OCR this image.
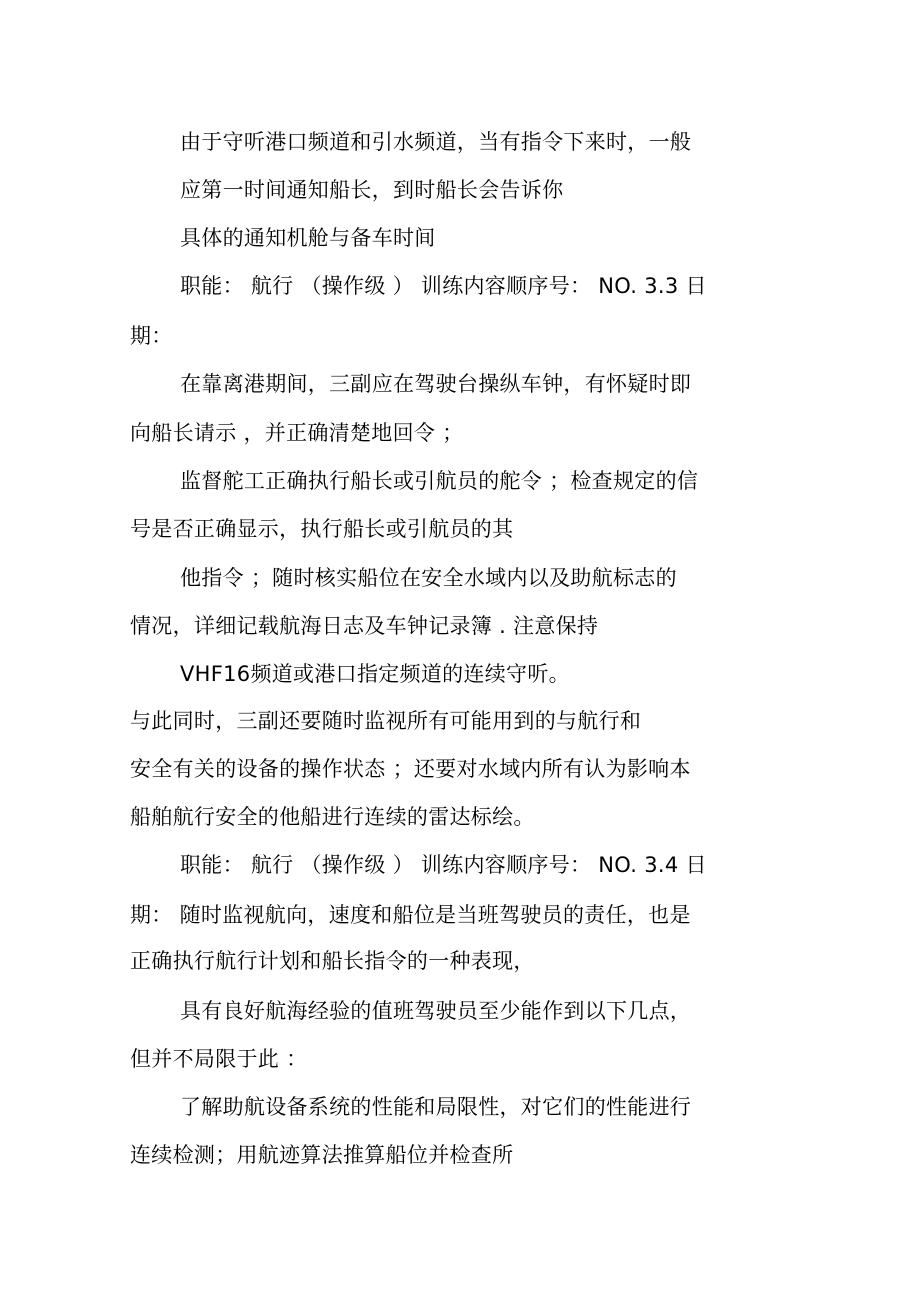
由于守听港口频道和引水频道，当有指令下来时，一般
应第一时间通知船长，到时船长会告诉你
具体的通知机舱与备车时间
职能： 航行 （操作级 ） 训练内容顺序号： NO. 3.3 日
期：
在靠离港期间，三副应在驾驶台操纵车钟，有怀疑时即
向船长请示 ，并正确清楚地回令 ；
监督舵工正确执行船长或引航员的舵令 ；检查规定的信
号是否正确显示，执行船长或引航员的其
他指令 ；随时核实船位在安全水域内以及助航标志的
情况，详细记载航海日志及车钟记录簿 . 注意保持
VHF16频道或港口指定频道的连续守听。
与此同时，三副还要随时监视所有可能用到的与航行和
安全有关的设备的操作状态 ；还要对水域内所有认为影响本
船舶航行安全的他船进行连续的雷达标绘。
职能： 航行 （操作级 ） 训练内容顺序号： NO. 3.4 日
期： 随时监视航向，速度和船位是当班驾驶员的责任，也是
正确执行航行计划和船长指令的一种表现，
具有良好航海经验的值班驾驶员至少能作到以下几点，
但并不局限于此 ：
了解助航设备系统的性能和局限性，对它们的性能进行
连续检测；用航迹算法推算船位并检查所
